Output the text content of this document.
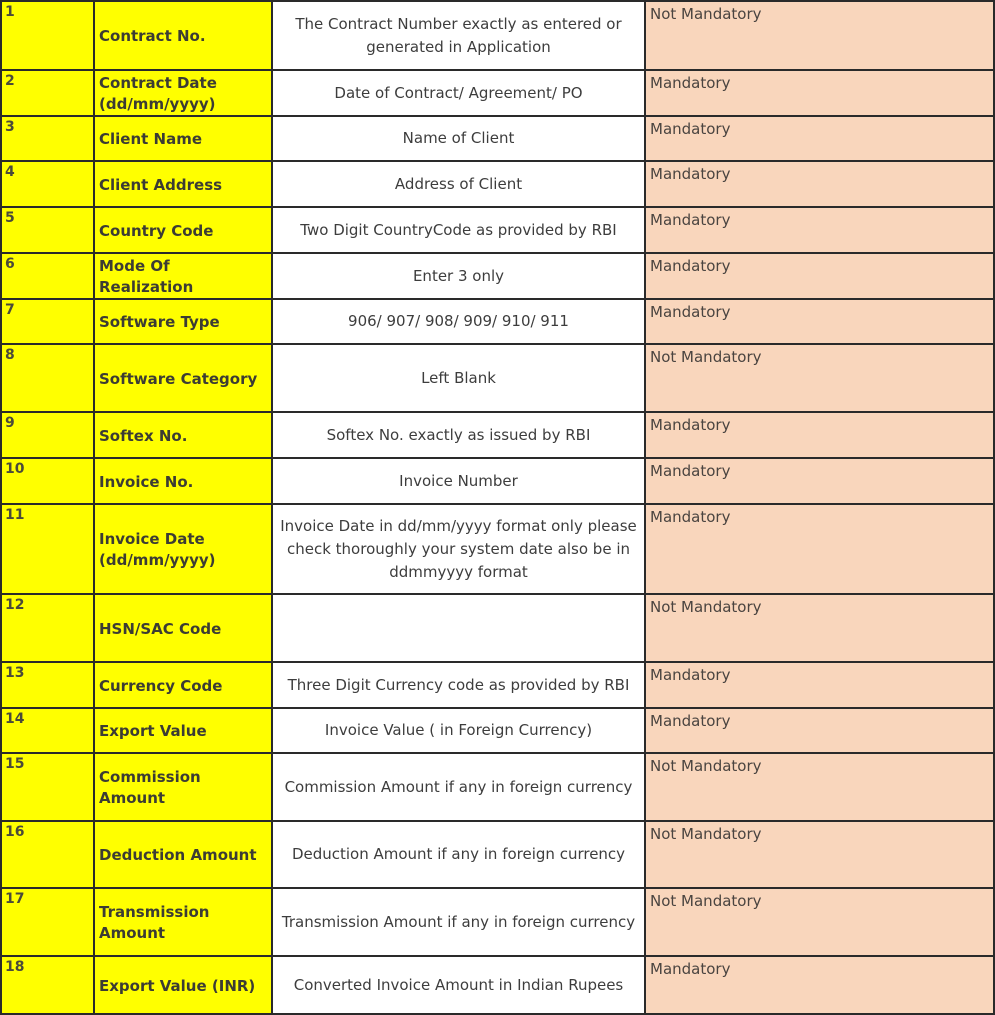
1	Contract No.	The Contract Number exactly as entered or generated in Application	Not Mandatory
2	Contract Date (dd/mm/yyyy)	Date of Contract/ Agreement/ PO	Mandatory
3	Client Name	Name of Client	Mandatory
4	Client Address	Address of Client	Mandatory
5	Country Code	Two Digit CountryCode as provided by RBI	Mandatory
6	Mode Of Realization	Enter 3 only	Mandatory
7	Software Type	906/ 907/ 908/ 909/ 910/ 911	Mandatory
8	Software Category	Left Blank	Not Mandatory
9	Softex No.	Softex No. exactly as issued by RBI	Mandatory
10	Invoice No.	Invoice Number	Mandatory
11	Invoice Date (dd/mm/yyyy)	Invoice Date in dd/mm/yyyy format only please check thoroughly your system date also be in ddmmyyyy format	Mandatory
12	HSN/SAC Code		Not Mandatory
13	Currency Code	Three Digit Currency code as provided by RBI	Mandatory
14	Export Value	Invoice Value ( in Foreign Currency)	Mandatory
15	Commission Amount	Commission Amount if any in foreign currency	Not Mandatory
16	Deduction Amount	Deduction Amount if any in foreign currency	Not Mandatory
17	Transmission Amount	Transmission Amount if any in foreign currency	Not Mandatory
18	Export Value (INR)	Converted Invoice Amount in Indian Rupees	Mandatory
